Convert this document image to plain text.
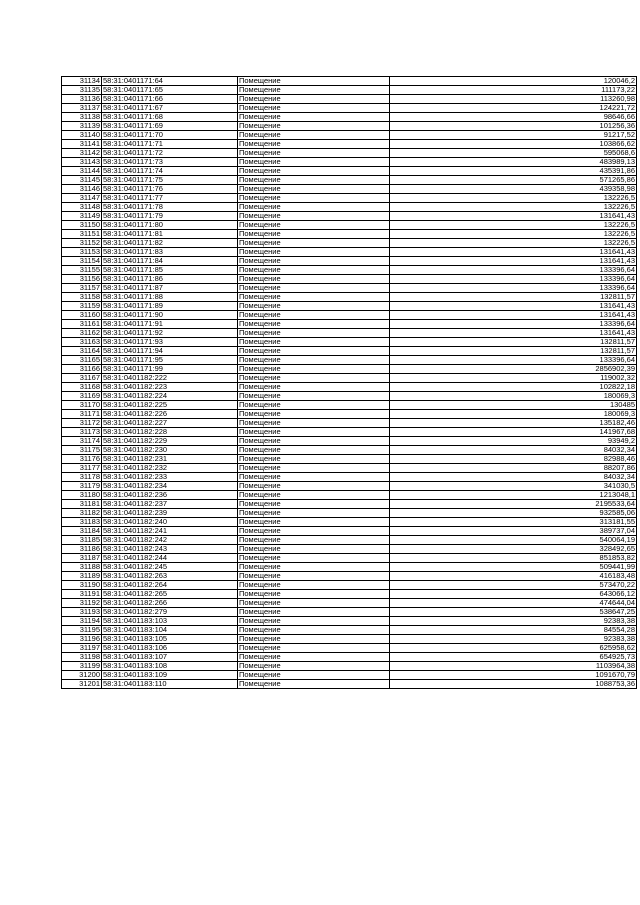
31134	58:31:0401171:64	Помещение	120046,2
31135	58:31:0401171:65	Помещение	111173,22
31136	58:31:0401171:66	Помещение	113260,98
31137	58:31:0401171:67	Помещение	124221,72
31138	58:31:0401171:68	Помещение	98646,66
31139	58:31:0401171:69	Помещение	101256,36
31140	58:31:0401171:70	Помещение	91217,52
31141	58:31:0401171:71	Помещение	103866,62
31142	58:31:0401171:72	Помещение	595068,6
31143	58:31:0401171:73	Помещение	483989,13
31144	58:31:0401171:74	Помещение	435391,86
31145	58:31:0401171:75	Помещение	571265,86
31146	58:31:0401171:76	Помещение	439358,98
31147	58:31:0401171:77	Помещение	132226,5
31148	58:31:0401171:78	Помещение	132226,5
31149	58:31:0401171:79	Помещение	131641,43
31150	58:31:0401171:80	Помещение	132226,5
31151	58:31:0401171:81	Помещение	132226,5
31152	58:31:0401171:82	Помещение	132226,5
31153	58:31:0401171:83	Помещение	131641,43
31154	58:31:0401171:84	Помещение	131641,43
31155	58:31:0401171:85	Помещение	133396,64
31156	58:31:0401171:86	Помещение	133396,64
31157	58:31:0401171:87	Помещение	133396,64
31158	58:31:0401171:88	Помещение	132811,57
31159	58:31:0401171:89	Помещение	131641,43
31160	58:31:0401171:90	Помещение	131641,43
31161	58:31:0401171:91	Помещение	133396,64
31162	58:31:0401171:92	Помещение	131641,43
31163	58:31:0401171:93	Помещение	132811,57
31164	58:31:0401171:94	Помещение	132811,57
31165	58:31:0401171:95	Помещение	133396,64
31166	58:31:0401171:99	Помещение	2856902,39
31167	58:31:0401182:222	Помещение	119002,32
31168	58:31:0401182:223	Помещение	102822,18
31169	58:31:0401182:224	Помещение	180069,3
31170	58:31:0401182:225	Помещение	130485
31171	58:31:0401182:226	Помещение	180069,3
31172	58:31:0401182:227	Помещение	135182,46
31173	58:31:0401182:228	Помещение	141967,68
31174	58:31:0401182:229	Помещение	93949,2
31175	58:31:0401182:230	Помещение	84032,34
31176	58:31:0401182:231	Помещение	82988,46
31177	58:31:0401182:232	Помещение	88207,86
31178	58:31:0401182:233	Помещение	84032,34
31179	58:31:0401182:234	Помещение	341030,5
31180	58:31:0401182:236	Помещение	1213048,1
31181	58:31:0401182:237	Помещение	2195533,64
31182	58:31:0401182:239	Помещение	932585,06
31183	58:31:0401182:240	Помещение	313181,55
31184	58:31:0401182:241	Помещение	389737,04
31185	58:31:0401182:242	Помещение	540064,19
31186	58:31:0401182:243	Помещение	328492,65
31187	58:31:0401182:244	Помещение	851853,82
31188	58:31:0401182:245	Помещение	509441,99
31189	58:31:0401182:263	Помещение	416183,48
31190	58:31:0401182:264	Помещение	573470,22
31191	58:31:0401182:265	Помещение	643066,12
31192	58:31:0401182:266	Помещение	474644,04
31193	58:31:0401182:279	Помещение	538647,25
31194	58:31:0401183:103	Помещение	92383,38
31195	58:31:0401183:104	Помещение	84554,28
31196	58:31:0401183:105	Помещение	92383,38
31197	58:31:0401183:106	Помещение	625958,62
31198	58:31:0401183:107	Помещение	654925,73
31199	58:31:0401183:108	Помещение	1103964,38
31200	58:31:0401183:109	Помещение	1091670,79
31201	58:31:0401183:110	Помещение	1088753,36
